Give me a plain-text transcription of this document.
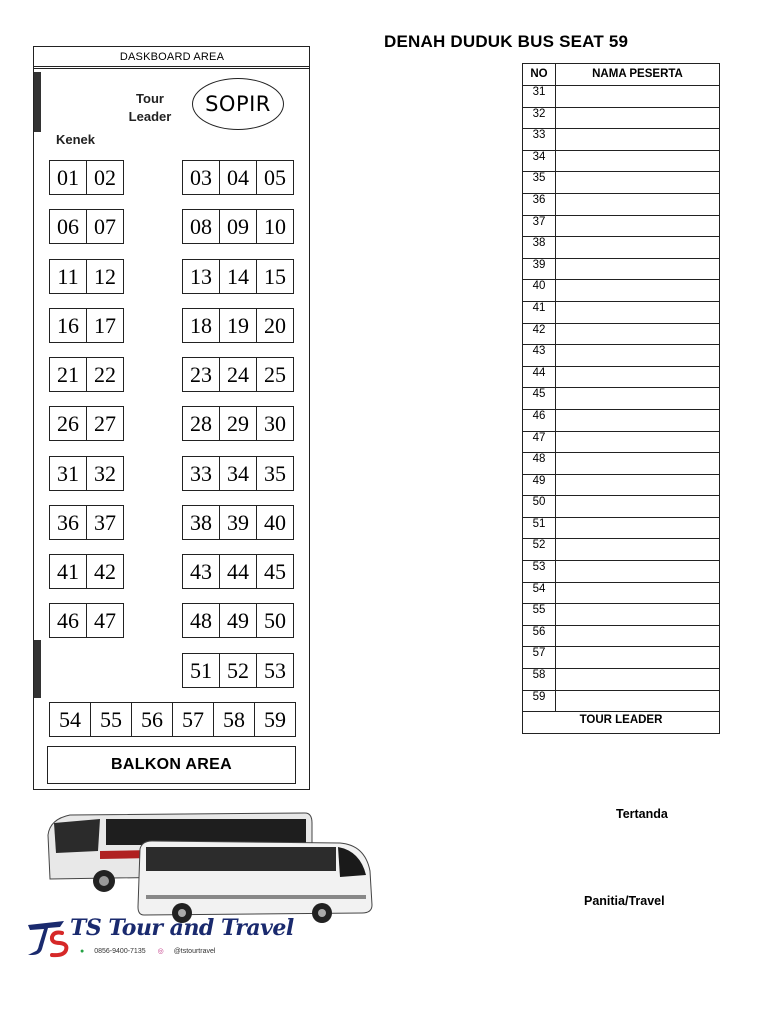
DASKBOARD AREA
Tour Leader
SOPIR
Kenek
01 02
06 07
11 12
16 17
21 22
26 27
31 32
36 37
41 42
46 47
03 04 05
08 09 10
13 14 15
18 19 20
23 24 25
28 29 30
33 34 35
38 39 40
43 44 45
48 49 50
51 52 53
54 55 56 57 58 59
BALKON AREA
DENAH DUDUK BUS SEAT 59
NO	NAMA PESERTA
31	
32	
33	
34	
35	
36	
37	
38	
39	
40	
41	
42	
43	
44	
45	
46	
47	
48	
49	
50	
51	
52	
53	
54	
55	
56	
57	
58	
59	
TOUR LEADER	
Tertanda
Panitia/Travel
TS Tour and Travel
● 0856-9400-7135 ◎ @tstourtravel
